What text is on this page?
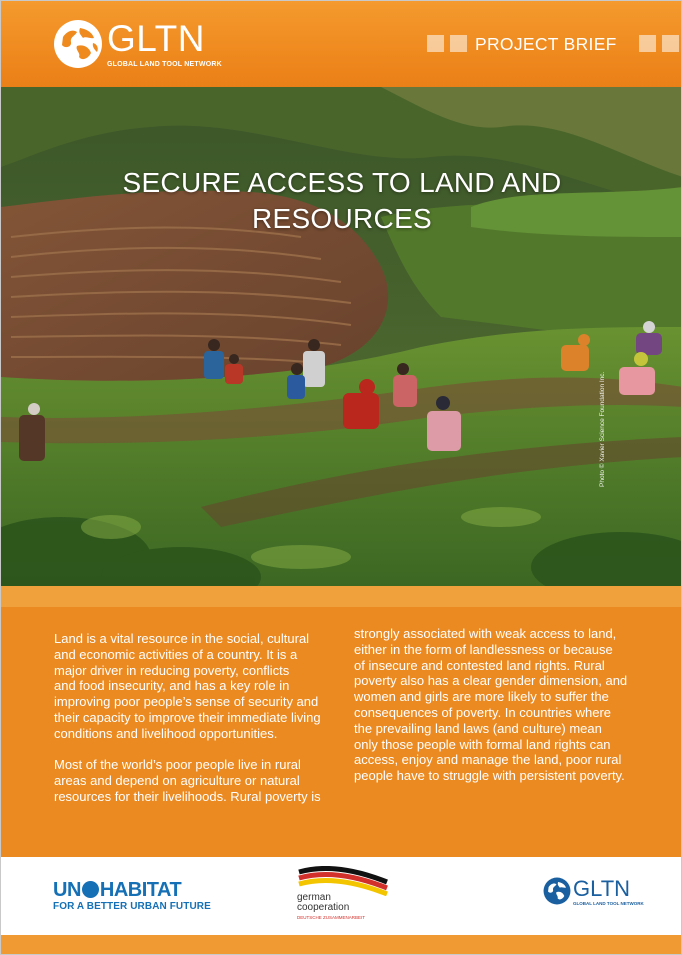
GLTN
GLOBAL LAND TOOL NETWORK
PROJECT BRIEF
SECURE ACCESS TO LAND AND
RESOURCES
Photo © Xavier Science Foundation Inc.

Land is a vital resource in the social, cultural
and economic activities of a country. It is a
major driver in reducing poverty, conflicts
and food insecurity, and has a key role in
improving poor people’s sense of security and
their capacity to improve their immediate living
conditions and livelihood opportunities.

Most of the world’s poor people live in rural
areas and depend on agriculture or natural
resources for their livelihoods. Rural poverty is

strongly associated with weak access to land,
either in the form of landlessness or because
of insecure and contested land rights. Rural
poverty also has a clear gender dimension, and
women and girls are more likely to suffer the
consequences of poverty. In countries where
the prevailing land laws (and culture) mean
only those people with formal land rights can
access, enjoy and manage the land, poor rural
people have to struggle with persistent poverty.

UN HABITAT
FOR A BETTER URBAN FUTURE
german
cooperation
DEUTSCHE ZUSAMMENARBEIT
GLTN
GLOBAL LAND TOOL NETWORK
